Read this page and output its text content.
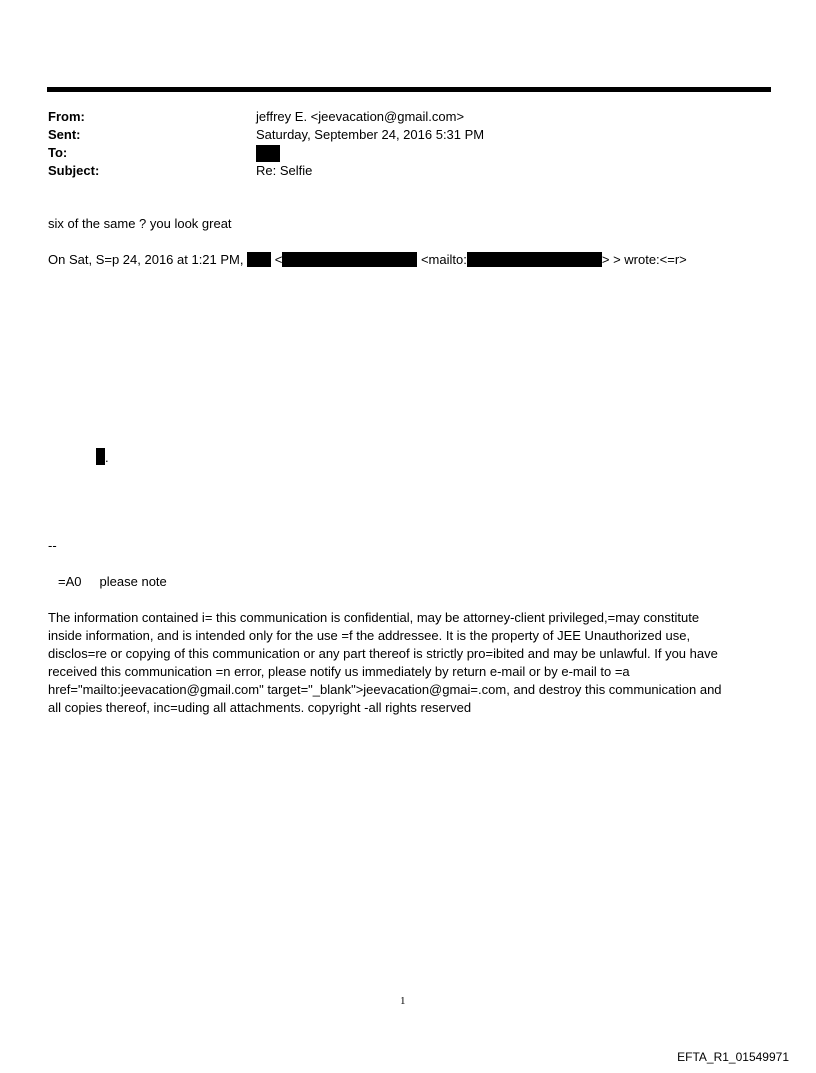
From:	jeffrey E. <jeevacation@gmail.com>
Sent:	Saturday, September 24, 2016 5:31 PM
To:
Subject:	Re: Selfie
six of the same ? you look great
On Sat, S=p 24, 2016 at 1:21 PM, <	<mailto:	> > wrote:<=r>
.
--
=A0     please note
The information contained i= this communication is confidential, may be attorney-client privileged,=may constitute
inside information, and is intended only for the use =f the addressee. It is the property of JEE Unauthorized use,
disclos=re or copying of this communication or any part thereof is strictly pro=ibited and may be unlawful. If you have
received this communication =n error, please notify us immediately by return e-mail or by e-mail to =a
href="mailto:jeevacation@gmail.com" target="_blank">jeevacation@gmai=.com, and destroy this communication and
all copies thereof, inc=uding all attachments. copyright -all rights reserved
1
EFTA_R1_01549971
